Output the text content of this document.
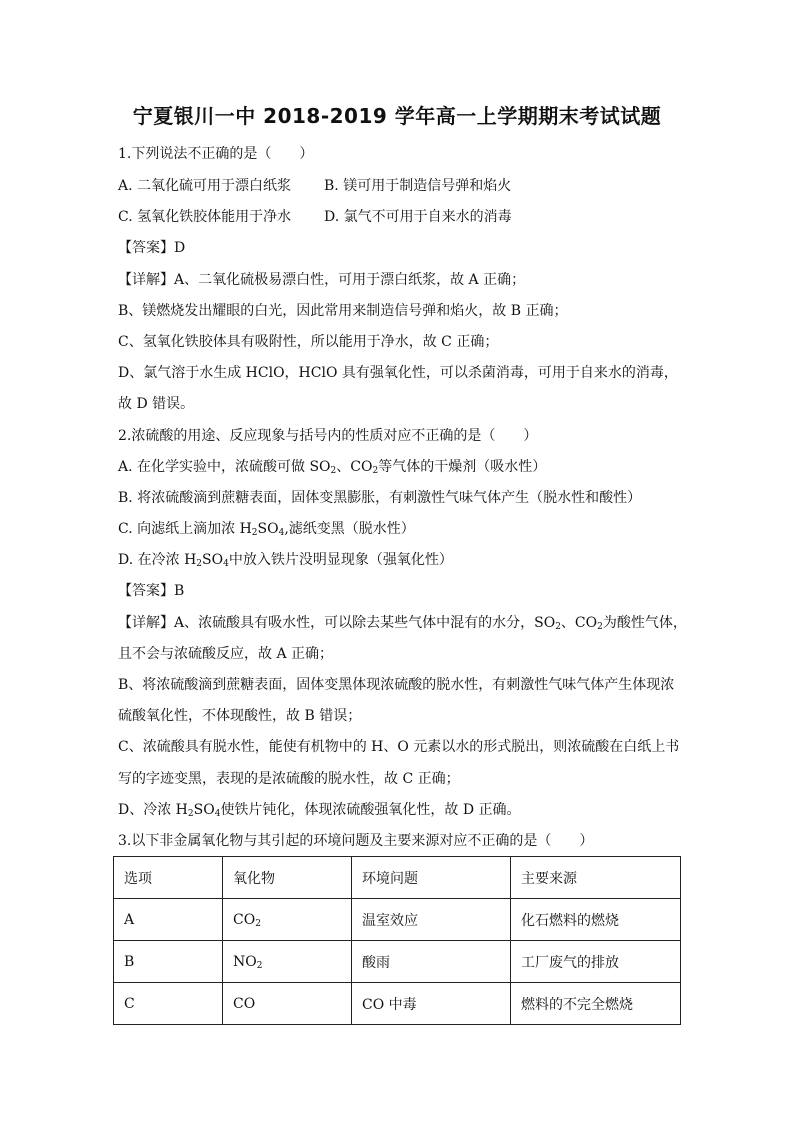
宁夏银川一中 2018-2019 学年高一上学期期末考试试题
1.下列说法不正确的是（　　）
A. 二氧化硫可用于漂白纸浆 B. 镁可用于制造信号弹和焰火
C. 氢氧化铁胶体能用于净水 D. 氯气不可用于自来水的消毒
【答案】D
【详解】A、二氧化硫极易漂白性，可用于漂白纸浆，故 A 正确；
B、镁燃烧发出耀眼的白光，因此常用来制造信号弹和焰火，故 B 正确；
C、氢氧化铁胶体具有吸附性，所以能用于净水，故 C 正确；
D、氯气溶于水生成 HClO，HClO 具有强氧化性，可以杀菌消毒，可用于自来水的消毒，
故 D 错误。
2.浓硫酸的用途、反应现象与括号内的性质对应不正确的是（　　）
A. 在化学实验中，浓硫酸可做 $SO_2$、$CO_2$等气体的干燥剂（吸水性）
B. 将浓硫酸滴到蔗糖表面，固体变黑膨胀，有刺激性气味气体产生（脱水性和酸性）
C. 向滤纸上滴加浓 $H_2SO_4$,滤纸变黑（脱水性）
D. 在冷浓 $H_2SO_4$中放入铁片没明显现象（强氧化性）
【答案】B
【详解】A、浓硫酸具有吸水性，可以除去某些气体中混有的水分，$SO_2$、$CO_2$为酸性气体，
且不会与浓硫酸反应，故 A 正确；
B、将浓硫酸滴到蔗糖表面，固体变黑体现浓硫酸的脱水性，有刺激性气味气体产生体现浓
硫酸氧化性，不体现酸性，故 B 错误；
C、浓硫酸具有脱水性，能使有机物中的 H、O 元素以水的形式脱出，则浓硫酸在白纸上书
写的字迹变黑，表现的是浓硫酸的脱水性，故 C 正确；
D、冷浓 $H_2SO_4$使铁片钝化，体现浓硫酸强氧化性，故 D 正确。
3.以下非金属氧化物与其引起的环境问题及主要来源对应不正确的是（　　）
选项	氧化物	环境问题	主要来源
A	$CO_2$	温室效应	化石燃料的燃烧
B	$NO_2$	酸雨	工厂废气的排放
C	CO	CO 中毒	燃料的不完全燃烧
